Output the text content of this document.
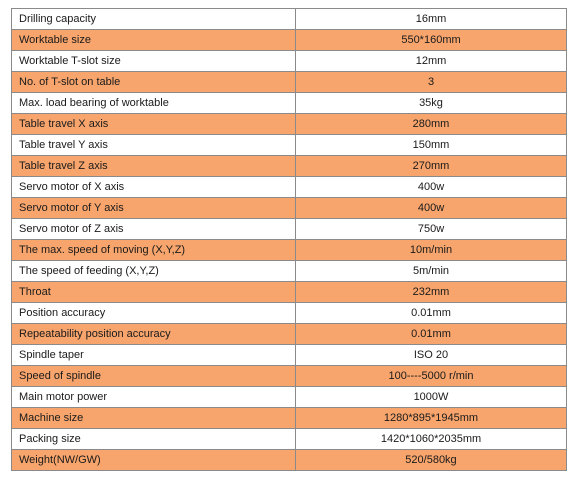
Drilling capacity	16mm
Worktable size	550*160mm
Worktable T-slot size	12mm
No. of T-slot on table	3
Max. load bearing of worktable	35kg
Table travel X axis	280mm
Table travel Y axis	150mm
Table travel Z axis	270mm
Servo motor of X axis	400w
Servo motor of Y axis	400w
Servo motor of Z axis	750w
The max. speed of moving (X,Y,Z)	10m/min
The speed of feeding (X,Y,Z)	5m/min
Throat	232mm
Position accuracy	0.01mm
Repeatability position accuracy	0.01mm
Spindle taper	ISO 20
Speed of spindle	100----5000 r/min
Main motor power	1000W
Machine size	1280*895*1945mm
Packing size	1420*1060*2035mm
Weight(NW/GW)	520/580kg
